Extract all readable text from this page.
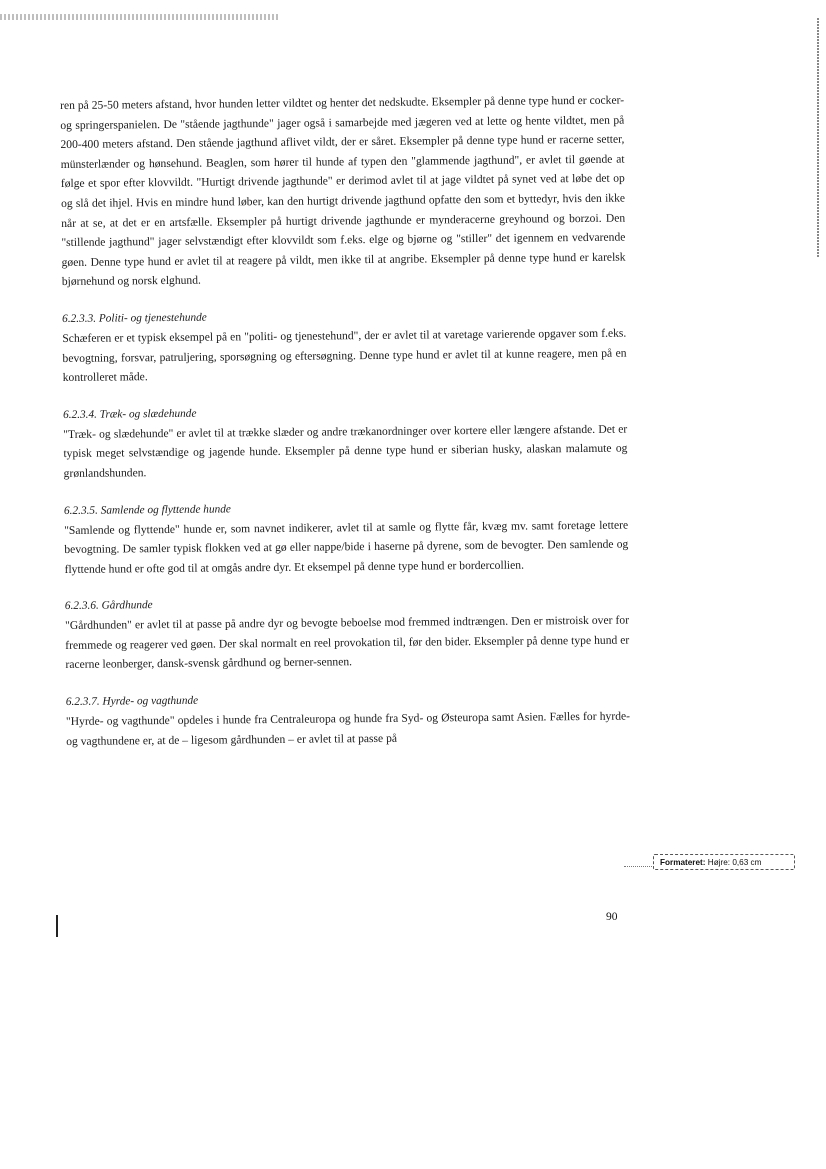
ren på 25-50 meters afstand, hvor hunden letter vildtet og henter det nedskudte. Eksempler på denne type hund er cocker- og springerspanielen. De "stående jagthunde" jager også i samarbejde med jægeren ved at lette og hente vildtet, men på 200-400 meters afstand. Den stående jagthund aflivet vildt, der er såret. Eksempler på denne type hund er racerne setter, münsterlænder og hønsehund. Beaglen, som hører til hunde af typen den "glammende jagthund", er avlet til gøende at følge et spor efter klovvildt. "Hurtigt drivende jagthunde" er derimod avlet til at jage vildtet på synet ved at løbe det op og slå det ihjel. Hvis en mindre hund løber, kan den hurtigt drivende jagthund opfatte den som et byttedyr, hvis den ikke når at se, at det er en artsfælle. Eksempler på hurtigt drivende jagthunde er mynderacerne greyhound og borzoi. Den "stillende jagthund" jager selvstændigt efter klovvildt som f.eks. elge og bjørne og "stiller" det igennem en vedvarende gøen. Denne type hund er avlet til at reagere på vildt, men ikke til at angribe. Eksempler på denne type hund er karelsk bjørnehund og norsk elghund.

6.2.3.3. Politi- og tjenestehunde

Schæferen er et typisk eksempel på en "politi- og tjenestehund", der er avlet til at varetage varierende opgaver som f.eks. bevogtning, forsvar, patruljering, sporsøgning og eftersøgning. Denne type hund er avlet til at kunne reagere, men på en kontrolleret måde.

6.2.3.4. Træk- og slædehunde

"Træk- og slædehunde" er avlet til at trække slæder og andre trækanordninger over kortere eller længere afstande. Det er typisk meget selvstændige og jagende hunde. Eksempler på denne type hund er siberian husky, alaskan malamute og grønlandshunden.

6.2.3.5. Samlende og flyttende hunde

"Samlende og flyttende" hunde er, som navnet indikerer, avlet til at samle og flytte får, kvæg mv. samt foretage lettere bevogtning. De samler typisk flokken ved at gø eller nappe/bide i haserne på dyrene, som de bevogter. Den samlende og flyttende hund er ofte god til at omgås andre dyr. Et eksempel på denne type hund er bordercollien.

6.2.3.6. Gårdhunde

"Gårdhunden" er avlet til at passe på andre dyr og bevogte beboelse mod fremmed indtrængen. Den er mistroisk over for fremmede og reagerer ved gøen. Der skal normalt en reel provokation til, før den bider. Eksempler på denne type hund er racerne leonberger, dansk-svensk gårdhund og berner-sennen.

6.2.3.7. Hyrde- og vagthunde

"Hyrde- og vagthunde" opdeles i hunde fra Centraleuropa og hunde fra Syd- og Østeuropa samt Asien. Fælles for hyrde- og vagthundene er, at de – ligesom gårdhunden – er avlet til at passe på

Formateret: Højre: 0,63 cm
90
